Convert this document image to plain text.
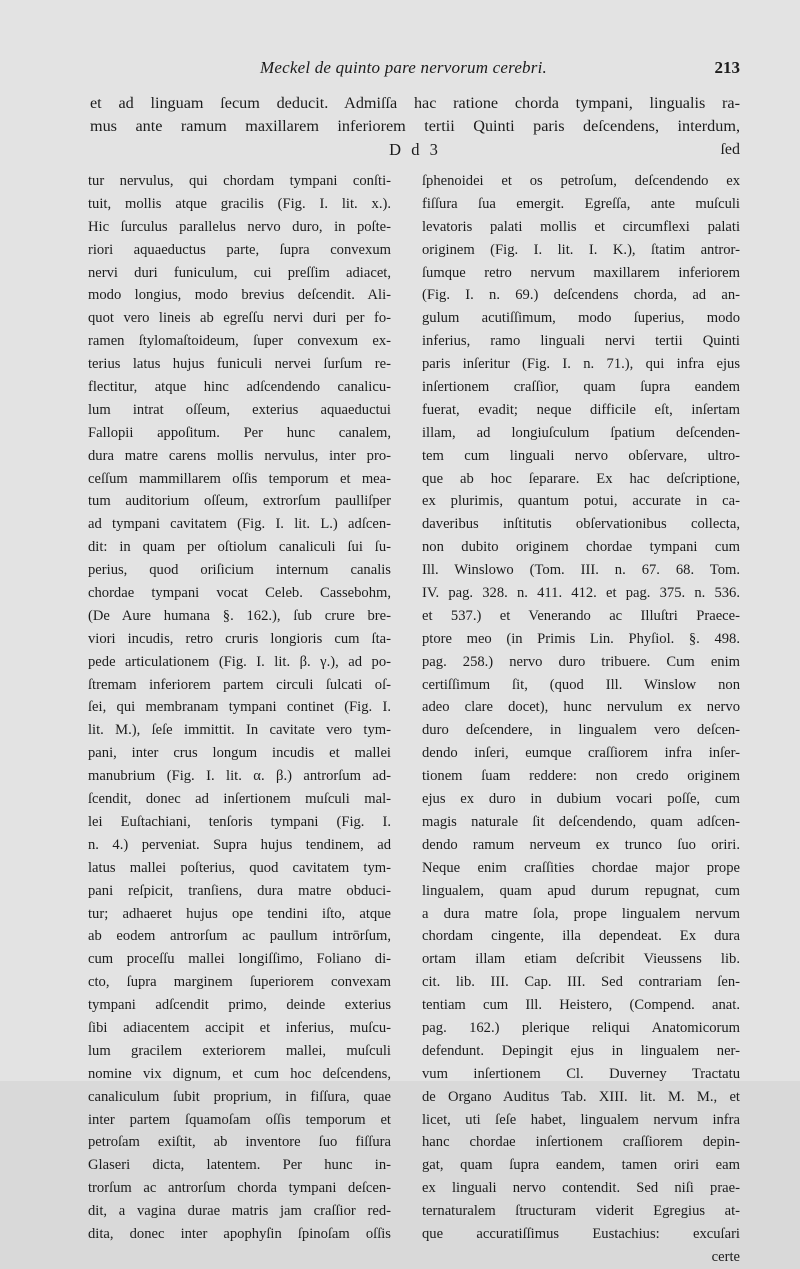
Meckel de quinto pare nervorum cerebri.	213
et ad linguam ſecum deducit. Admiſſa hac ratione chorda tympani, lingualis ra-
mus ante ramum maxillarem inferiorem tertii Quinti paris deſcendens, interdum,
D d 3	ſed
tur nervulus, qui chordam tympani conſti-
tuit, mollis atque gracilis (Fig. I. lit. x.).
Hic ſurculus parallelus nervo duro, in poſte-
riori aquaeductus parte, ſupra convexum
nervi duri funiculum, cui preſſim adiacet,
modo longius, modo brevius deſcendit. Ali-
quot vero lineis ab egreſſu nervi duri per fo-
ramen ſtylomaſtoideum, ſuper convexum ex-
terius latus hujus funiculi nervei ſurſum re-
flectitur, atque hinc adſcendendo canalicu-
lum intrat oſſeum, exterius aquaeductui
Fallopii appoſitum. Per hunc canalem,
dura matre carens mollis nervulus, inter pro-
ceſſum mammillarem oſſis temporum et mea-
tum auditorium oſſeum, extrorſum paulliſper
ad tympani cavitatem (Fig. I. lit. L.) adſcen-
dit: in quam per oſtiolum canaliculi ſui ſu-
perius, quod oriſicium internum canalis
chordae tympani vocat Celeb. Cassebohm,
(De Aure humana §. 162.), ſub crure bre-
viori incudis, retro cruris longioris cum ſta-
pede articulationem (Fig. I. lit. β. γ.), ad po-
ſtremam inferiorem partem circuli ſulcati oſ-
ſei, qui membranam tympani continet (Fig. I.
lit. M.), ſeſe immittit. In cavitate vero tym-
pani, inter crus longum incudis et mallei
manubrium (Fig. I. lit. α. β.) antrorſum ad-
ſcendit, donec ad inſertionem muſculi mal-
lei Euſtachiani, tenſoris tympani (Fig. I.
n. 4.) perveniat. Supra hujus tendinem, ad
latus mallei poſterius, quod cavitatem tym-
pani reſpicit, tranſiens, dura matre obduci-
tur; adhaeret hujus ope tendini iſto, atque
ab eodem antrorſum ac paullum intrōrſum,
cum proceſſu mallei longiſſimo, Foliano di-
cto, ſupra marginem ſuperiorem convexam
tympani adſcendit primo, deinde exterius
ſibi adiacentem accipit et inferius, muſcu-
lum gracilem exteriorem mallei, muſculi
nomine vix dignum, et cum hoc deſcendens,
canaliculum ſubit proprium, in fiſſura, quae
inter partem ſquamoſam oſſis temporum et
petroſam exiſtit, ab inventore ſuo fiſſura
Glaseri dicta, latentem. Per hunc in-
trorſum ac antrorſum chorda tympani deſcen-
dit, a vagina durae matris jam craſſior red-
dita, donec inter apophyſin ſpinoſam oſſis
ſphenoidei et os petroſum, deſcendendo ex
fiſſura ſua emergit. Egreſſa, ante muſculi
levatoris palati mollis et circumflexi palati
originem (Fig. I. lit. I. K.), ſtatim antror-
ſumque retro nervum maxillarem inferiorem
(Fig. I. n. 69.) deſcendens chorda, ad an-
gulum acutiſſimum, modo ſuperius, modo
inferius, ramo linguali nervi tertii Quinti
paris inſeritur (Fig. I. n. 71.), qui infra ejus
inſertionem craſſior, quam ſupra eandem
fuerat, evadit; neque difficile eſt, inſertam
illam, ad longiuſculum ſpatium deſcenden-
tem cum linguali nervo obſervare, ultro-
que ab hoc ſeparare. Ex hac deſcriptione,
ex plurimis, quantum potui, accurate in ca-
daveribus inſtitutis obſervationibus collecta,
non dubito originem chordae tympani cum
Ill. Winslowo (Tom. III. n. 67. 68. Tom.
IV. pag. 328. n. 411. 412. et pag. 375. n. 536.
et 537.) et Venerando ac Illuſtri Praece-
ptore meo (in Primis Lin. Phyſiol. §. 498.
pag. 258.) nervo duro tribuere. Cum enim
certiſſimum ſit, (quod Ill. Winslow non
adeo clare docet), hunc nervulum ex nervo
duro deſcendere, in lingualem vero deſcen-
dendo inſeri, eumque craſſiorem infra inſer-
tionem ſuam reddere: non credo originem
ejus ex duro in dubium vocari poſſe, cum
magis naturale ſit deſcendendo, quam adſcen-
dendo ramum nerveum ex trunco ſuo oriri.
Neque enim craſſities chordae major prope
lingualem, quam apud durum repugnat, cum
a dura matre ſola, prope lingualem nervum
chordam cingente, illa dependeat. Ex dura
ortam illam etiam deſcribit Vieussens lib.
cit. lib. III. Cap. III. Sed contrariam ſen-
tentiam cum Ill. Heistero, (Compend. anat.
pag. 162.) plerique reliqui Anatomicorum
defendunt. Depingit ejus in lingualem ner-
vum inſertionem Cl. Duverney Tractatu
de Organo Auditus Tab. XIII. lit. M. M., et
licet, uti ſeſe habet, lingualem nervum infra
hanc chordae inſertionem craſſiorem depin-
gat, quam ſupra eandem, tamen oriri eam
ex linguali nervo contendit. Sed niſi prae-
ternaturalem ſtructuram viderit Egregius at-
que accuratiſſimus Eustachius: excuſari
certe
